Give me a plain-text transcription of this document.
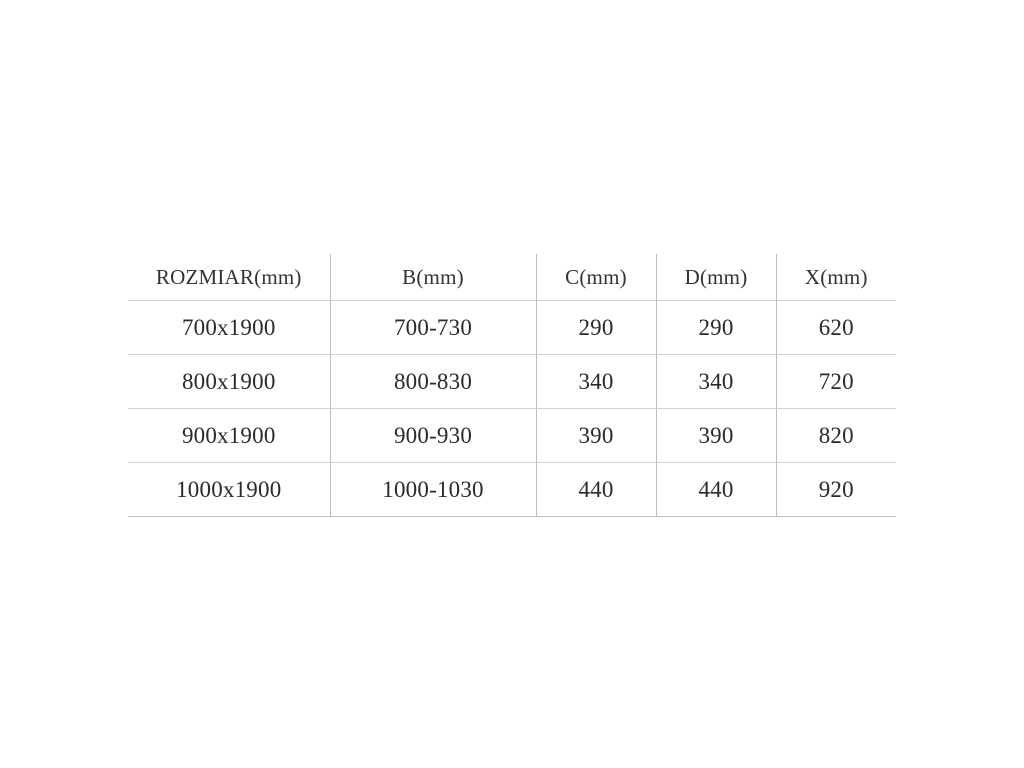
ROZMIAR(mm)	B(mm)	C(mm)	D(mm)	X(mm)
700x1900	700-730	290	290	620
800x1900	800-830	340	340	720
900x1900	900-930	390	390	820
1000x1900	1000-1030	440	440	920
